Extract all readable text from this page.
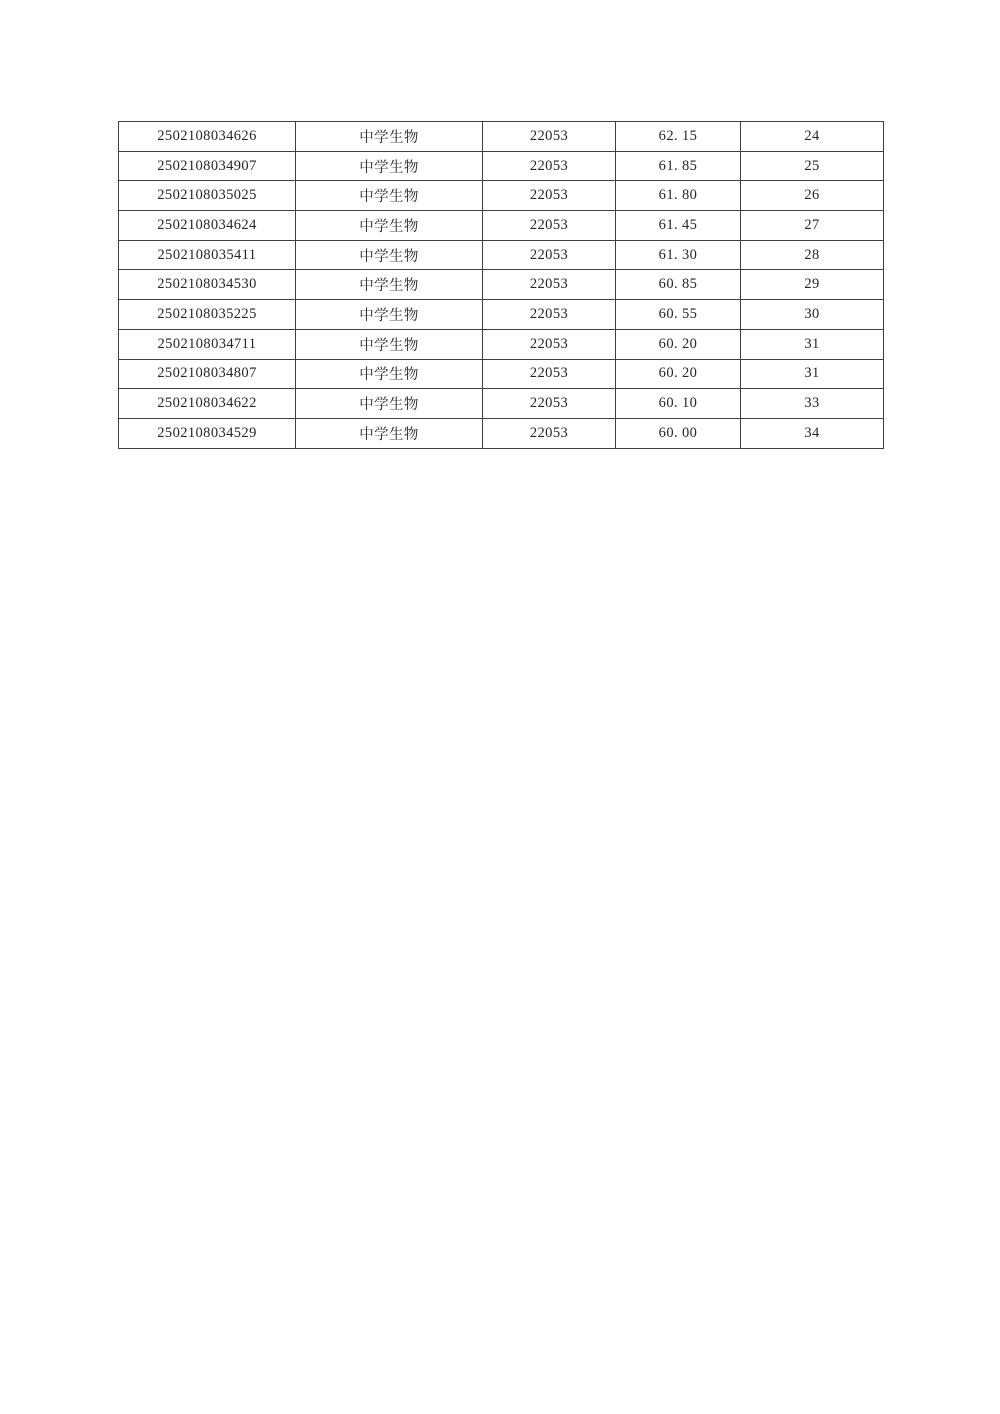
2502108034626	中学生物	22053	62. 15	24
2502108034907	中学生物	22053	61. 85	25
2502108035025	中学生物	22053	61. 80	26
2502108034624	中学生物	22053	61. 45	27
2502108035411	中学生物	22053	61. 30	28
2502108034530	中学生物	22053	60. 85	29
2502108035225	中学生物	22053	60. 55	30
2502108034711	中学生物	22053	60. 20	31
2502108034807	中学生物	22053	60. 20	31
2502108034622	中学生物	22053	60. 10	33
2502108034529	中学生物	22053	60. 00	34
